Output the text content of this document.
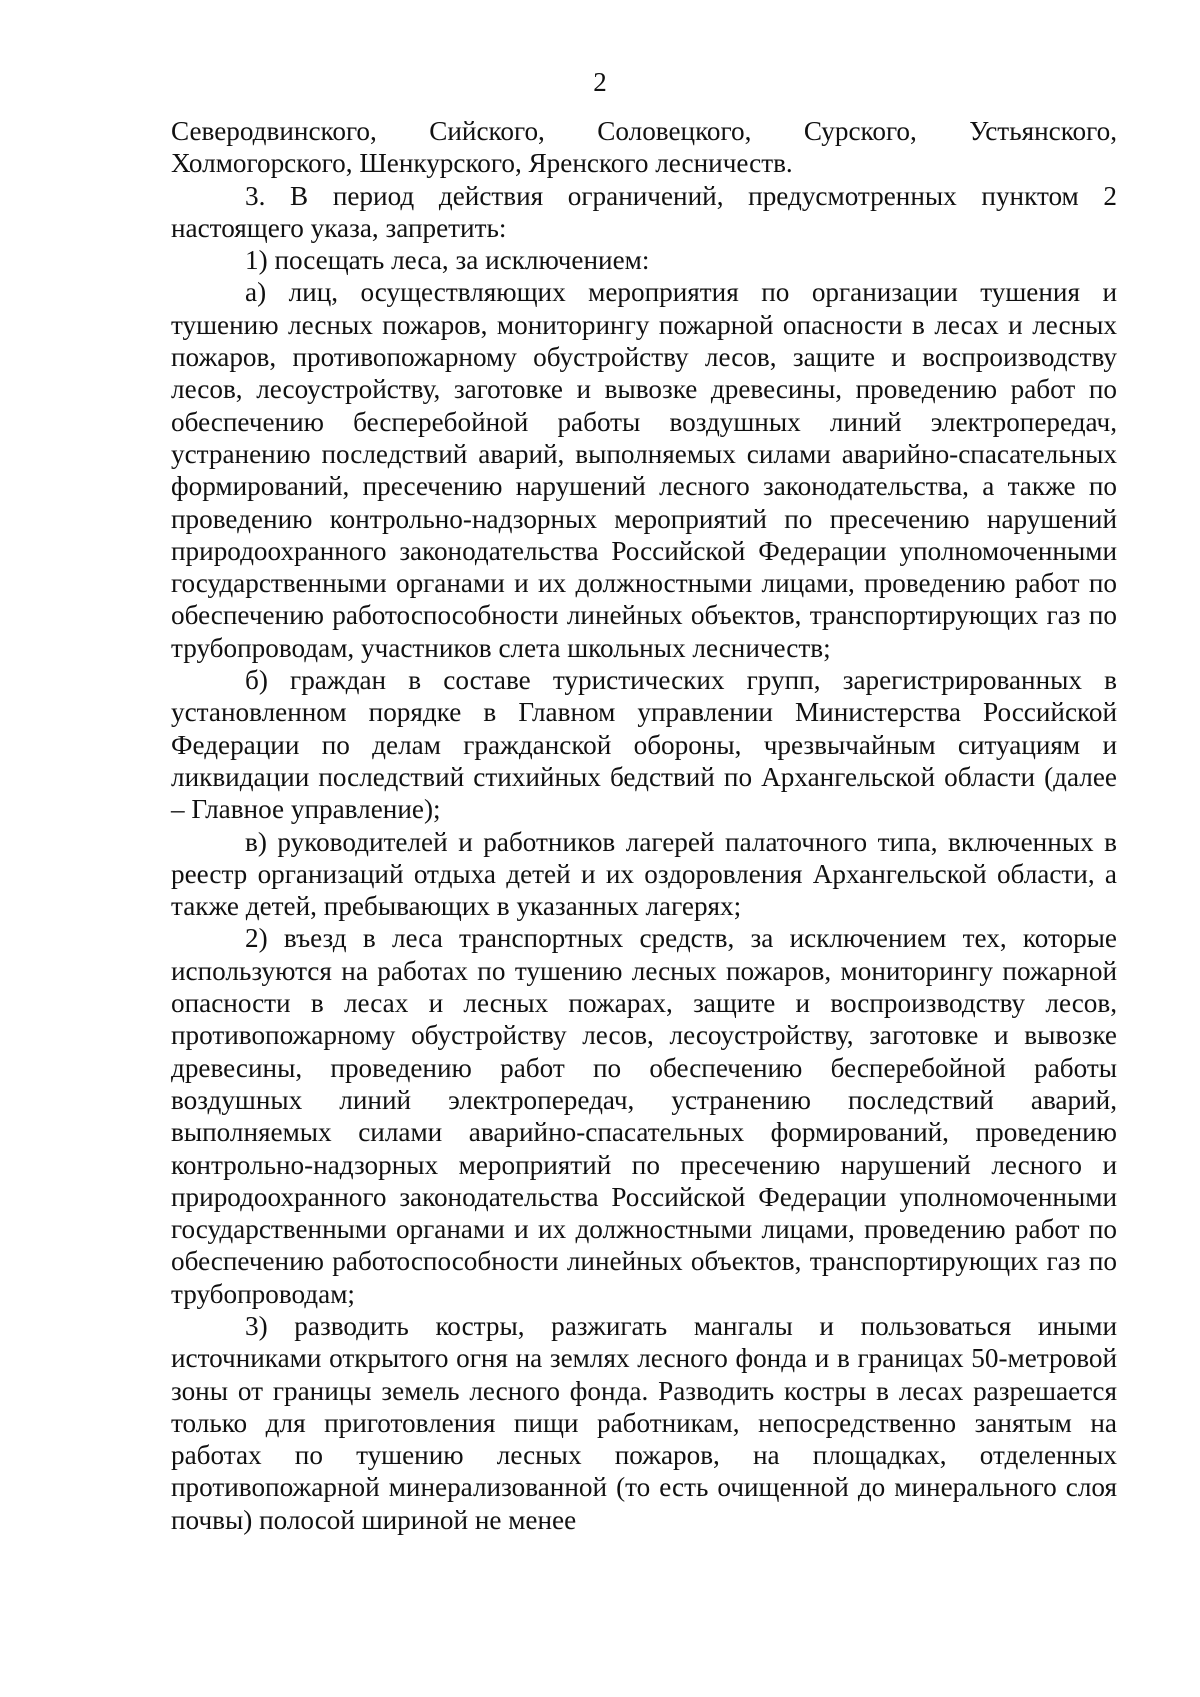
2

Северодвинского, Сийского, Соловецкого, Сурского, Устьянского, Холмогорского, Шенкурского, Яренского лесничеств.

3. В период действия ограничений, предусмотренных пунктом 2 настоящего указа, запретить:

1) посещать леса, за исключением:

а) лиц, осуществляющих мероприятия по организации тушения и тушению лесных пожаров, мониторингу пожарной опасности в лесах и лесных пожаров, противопожарному обустройству лесов, защите и воспроизводству лесов, лесоустройству, заготовке и вывозке древесины, проведению работ по обеспечению бесперебойной работы воздушных линий электропередач, устранению последствий аварий, выполняемых силами аварийно-спасательных формирований, пресечению нарушений лесного законодательства, а также по проведению контрольно-надзорных мероприятий по пресечению нарушений природоохранного законодательства Российской Федерации уполномоченными государственными органами и их должностными лицами, проведению работ по обеспечению работоспособности линейных объектов, транспортирующих газ по трубопроводам, участников слета школьных лесничеств;

б) граждан в составе туристических групп, зарегистрированных в установленном порядке в Главном управлении Министерства Российской Федерации по делам гражданской обороны, чрезвычайным ситуациям и ликвидации последствий стихийных бедствий по Архангельской области (далее – Главное управление);

в) руководителей и работников лагерей палаточного типа, включенных в реестр организаций отдыха детей и их оздоровления Архангельской области, а также детей, пребывающих в указанных лагерях;

2) въезд в леса транспортных средств, за исключением тех, которые используются на работах по тушению лесных пожаров, мониторингу пожарной опасности в лесах и лесных пожарах, защите и воспроизводству лесов, противопожарному обустройству лесов, лесоустройству, заготовке и вывозке древесины, проведению работ по обеспечению бесперебойной работы воздушных линий электропередач, устранению последствий аварий, выполняемых силами аварийно-спасательных формирований, проведению контрольно-надзорных мероприятий по пресечению нарушений лесного и природоохранного законодательства Российской Федерации уполномоченными государственными органами и их должностными лицами, проведению работ по обеспечению работоспособности линейных объектов, транспортирующих газ по трубопроводам;

3) разводить костры, разжигать мангалы и пользоваться иными источниками открытого огня на землях лесного фонда и в границах 50-метровой зоны от границы земель лесного фонда. Разводить костры в лесах разрешается только для приготовления пищи работникам, непосредственно занятым на работах по тушению лесных пожаров, на площадках, отделенных противопожарной минерализованной (то есть очищенной до минерального слоя почвы) полосой шириной не менее
